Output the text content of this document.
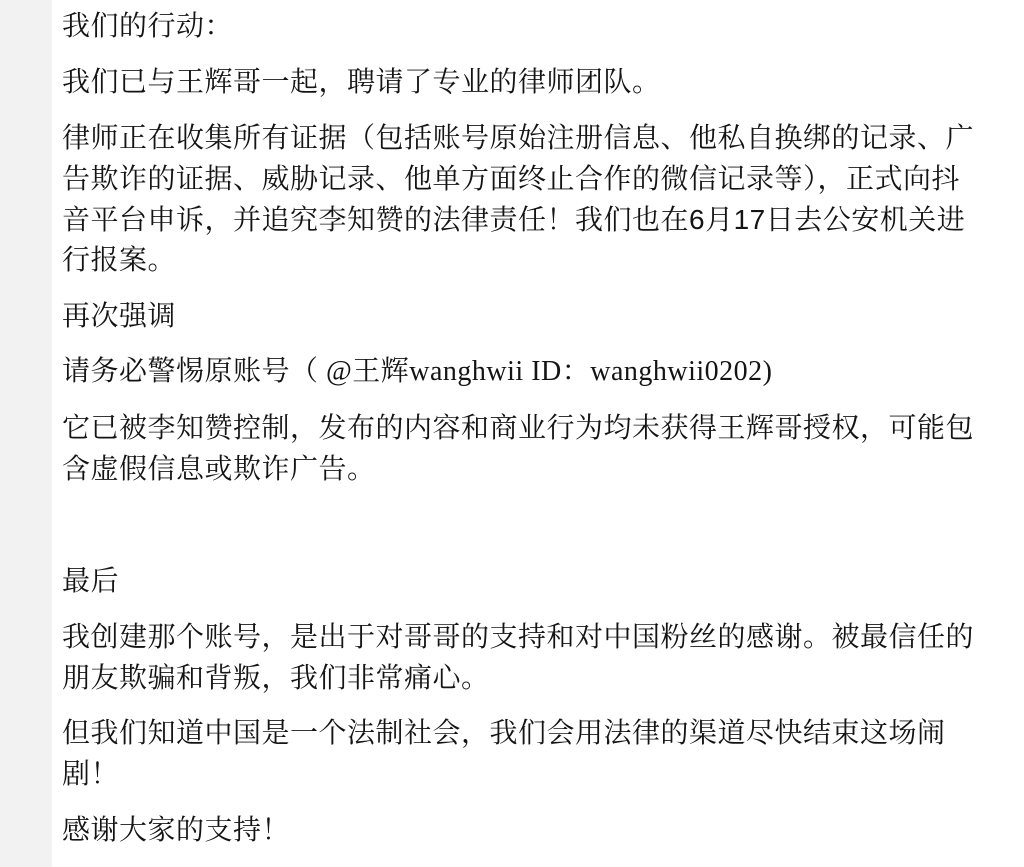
我们的行动：
我们已与王辉哥一起，聘请了专业的律师团队。
律师正在收集所有证据（包括账号原始注册信息、他私自换绑的记录、广告欺诈的证据、威胁记录、他单方面终止合作的微信记录等），正式向抖音平台申诉，并追究李知赞的法律责任！我们也在6月17日去公安机关进行报案。
再次强调
请务必警惕原账号（ @王辉wanghwii ID：wanghwii0202)
它已被李知赞控制，发布的内容和商业行为均未获得王辉哥授权，可能包含虚假信息或欺诈广告。
最后
我创建那个账号，是出于对哥哥的支持和对中国粉丝的感谢。被最信任的朋友欺骗和背叛，我们非常痛心。
但我们知道中国是一个法制社会，我们会用法律的渠道尽快结束这场闹剧！
感谢大家的支持！
